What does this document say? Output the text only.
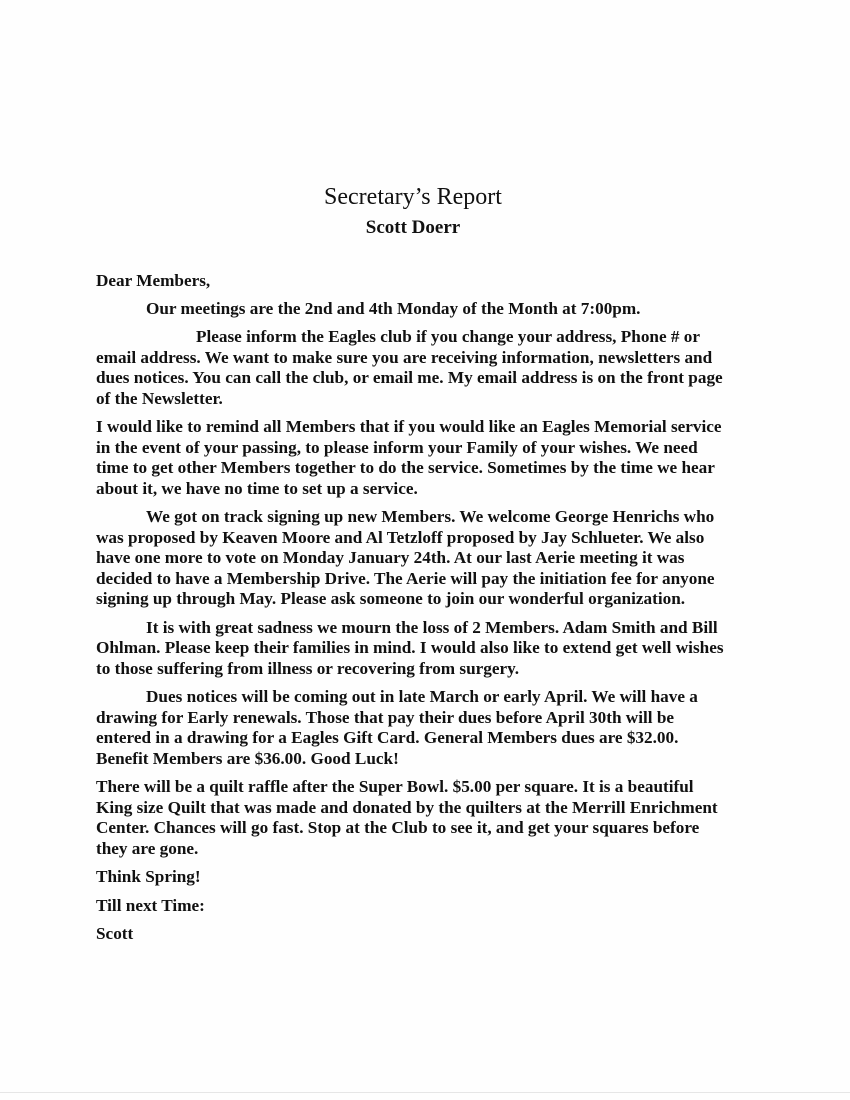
Secretary’s Report
Scott Doerr

Dear Members,

Our meetings are the 2nd and 4th Monday of the Month at 7:00pm.

Please inform the Eagles club if you change your address, Phone # or email address. We want to make sure you are receiving information, newsletters and dues notices. You can call the club, or email me. My email address is on the front page of the Newsletter.

I would like to remind all Members that if you would like an Eagles Memorial service in the event of your passing, to please inform your Family of your wishes. We need time to get other Members together to do the service. Sometimes by the time we hear about it, we have no time to set up a service.

We got on track signing up new Members. We welcome George Henrichs who was proposed by Keaven Moore and Al Tetzloff proposed by Jay Schlueter. We also have one more to vote on Monday January 24th. At our last Aerie meeting it was decided to have a Membership Drive. The Aerie will pay the initiation fee for anyone signing up through May. Please ask someone to join our wonderful organization.

It is with great sadness we mourn the loss of 2 Members. Adam Smith and Bill Ohlman. Please keep their families in mind. I would also like to extend get well wishes to those suffering from illness or recovering from surgery.

Dues notices will be coming out in late March or early April. We will have a drawing for Early renewals. Those that pay their dues before April 30th will be entered in a drawing for a Eagles Gift Card. General Members dues are $32.00. Benefit Members are $36.00. Good Luck!

There will be a quilt raffle after the Super Bowl. $5.00 per square. It is a beautiful King size Quilt that was made and donated by the quilters at the Merrill Enrichment Center. Chances will go fast. Stop at the Club to see it, and get your squares before they are gone.

Think Spring!

Till next Time:

Scott
